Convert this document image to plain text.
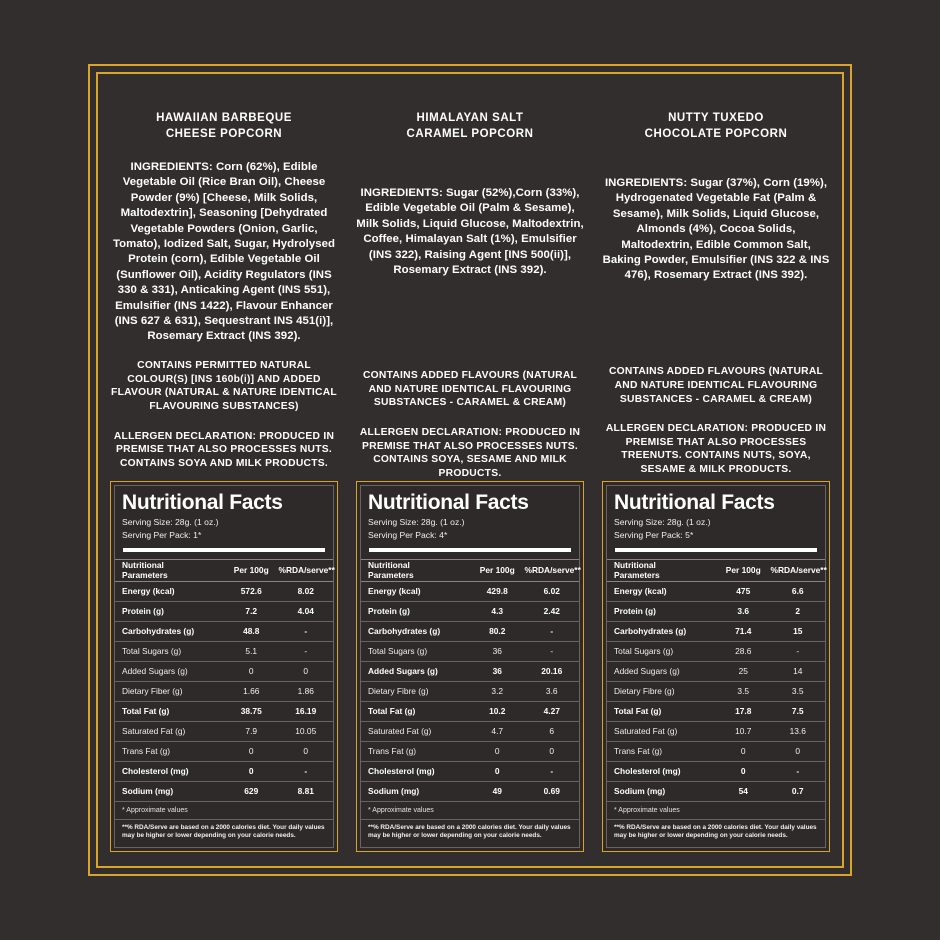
HAWAIIAN BARBEQUE
CHEESE POPCORN
INGREDIENTS: Corn (62%), Edible Vegetable Oil (Rice Bran Oil), Cheese Powder (9%) [Cheese, Milk Solids, Maltodextrin], Seasoning [Dehydrated Vegetable Powders (Onion, Garlic, Tomato), Iodized Salt, Sugar, Hydrolysed Protein (corn), Edible Vegetable Oil (Sunflower Oil), Acidity Regulators (INS 330 & 331), Anticaking Agent (INS 551), Emulsifier (INS 1422), Flavour Enhancer (INS 627 & 631), Sequestrant INS 451(i)], Rosemary Extract (INS 392).
CONTAINS PERMITTED NATURAL COLOUR(S) [INS 160b(i)] AND ADDED FLAVOUR (NATURAL & NATURE IDENTICAL FLAVOURING SUBSTANCES)
ALLERGEN DECLARATION: PRODUCED IN PREMISE THAT ALSO PROCESSES NUTS. CONTAINS SOYA AND MILK PRODUCTS.
Nutritional Facts
Serving Size: 28g. (1 oz.)
Serving Per Pack: 1*
Nutritional
Parameters	Per 100g	%RDA/serve**
Energy (kcal)	572.6	8.02
Protein (g)	7.2	4.04
Carbohydrates (g)	48.8	-
Total Sugars (g)	5.1	-
Added Sugars (g)	0	0
Dietary Fiber (g)	1.66	1.86
Total Fat (g)	38.75	16.19
Saturated Fat (g)	7.9	10.05
Trans Fat (g)	0	0
Cholesterol (mg)	0	-
Sodium (mg)	629	8.81
* Approximate values
**% RDA/Serve are based on a 2000 calories diet. Your daily values may be higher or lower depending on your calorie needs.
HIMALAYAN SALT
CARAMEL POPCORN
INGREDIENTS: Sugar (52%),Corn (33%), Edible Vegetable Oil (Palm & Sesame), Milk Solids, Liquid Glucose, Maltodextrin, Coffee, Himalayan Salt (1%), Emulsifier (INS 322), Raising Agent [INS 500(ii)], Rosemary Extract (INS 392).
CONTAINS ADDED FLAVOURS (NATURAL AND NATURE IDENTICAL FLAVOURING SUBSTANCES - CARAMEL & CREAM)
ALLERGEN DECLARATION: PRODUCED IN PREMISE THAT ALSO PROCESSES NUTS. CONTAINS SOYA, SESAME AND MILK PRODUCTS.
Nutritional Facts
Serving Size: 28g. (1 oz.)
Serving Per Pack: 4*
Nutritional
Parameters	Per 100g	%RDA/serve**
Energy (kcal)	429.8	6.02
Protein (g)	4.3	2.42
Carbohydrates (g)	80.2	-
Total Sugars (g)	36	-
Added Sugars (g)	36	20.16
Dietary Fibre (g)	3.2	3.6
Total Fat (g)	10.2	4.27
Saturated Fat (g)	4.7	6
Trans Fat (g)	0	0
Cholesterol (mg)	0	-
Sodium (mg)	49	0.69
* Approximate values
**% RDA/Serve are based on a 2000 calories diet. Your daily values may be higher or lower depending on your calorie needs.
NUTTY TUXEDO
CHOCOLATE POPCORN
INGREDIENTS: Sugar (37%), Corn (19%), Hydrogenated Vegetable Fat (Palm & Sesame), Milk Solids, Liquid Glucose, Almonds (4%), Cocoa Solids, Maltodextrin, Edible Common Salt, Baking Powder, Emulsifier (INS 322 & INS 476), Rosemary Extract (INS 392).
CONTAINS ADDED FLAVOURS (NATURAL AND NATURE IDENTICAL FLAVOURING SUBSTANCES - CARAMEL & CREAM)
ALLERGEN DECLARATION: PRODUCED IN PREMISE THAT ALSO PROCESSES TREENUTS. CONTAINS NUTS, SOYA, SESAME & MILK PRODUCTS.
Nutritional Facts
Serving Size: 28g. (1 oz.)
Serving Per Pack: 5*
Nutritional
Parameters	Per 100g	%RDA/serve**
Energy (kcal)	475	6.6
Protein (g)	3.6	2
Carbohydrates (g)	71.4	15
Total Sugars (g)	28.6	-
Added Sugars (g)	25	14
Dietary Fibre (g)	3.5	3.5
Total Fat (g)	17.8	7.5
Saturated Fat (g)	10.7	13.6
Trans Fat (g)	0	0
Cholesterol (mg)	0	-
Sodium (mg)	54	0.7
* Approximate values
**% RDA/Serve are based on a 2000 calories diet. Your daily values may be higher or lower depending on your calorie needs.
